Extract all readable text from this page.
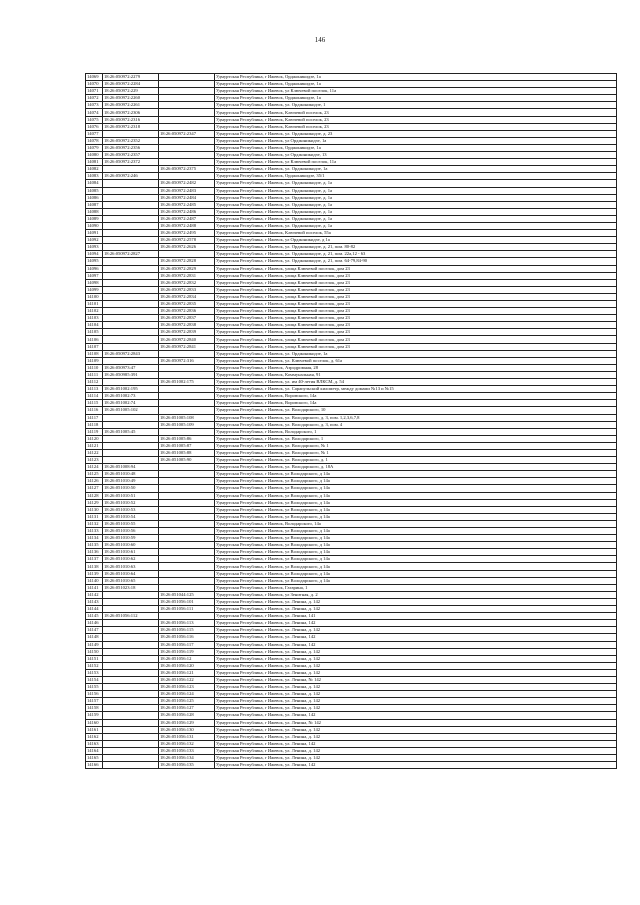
146
14069	18:26:050972:2279		Удмуртская Республика, г Ижевск, Орджоникидзе, 1а
14070	18:26:050972:2284		Удмуртская Республика, г Ижевск, Орджоникидзе, 1а
14071	18:26:050972:229		Удмуртская Республика, г Ижевск, ул Ключевой поселок, 11а
14072	18:26:050972:2260		Удмуртская Республика, г Ижевск, Орджоникидзе, 1а
14073	18:26:050972:2261		Удмуртская Республика, г Ижевск, ул. Орджоникидзе, 1
14074	18:26:050972:2306		Удмуртская Республика, г Ижевск, Ключевой поселок, 23
14075	18:26:050972:2316		Удмуртская Республика, г Ижевск, Ключевой поселок, 23
14076	18:26:050972:2318		Удмуртская Республика, г Ижевск, Ключевой поселок, 23
14077		18:26:050972:2347	Удмуртская Республика, г Ижевск, ул. Орджоникидзе, д. 23
14078	18:26:050972:2352		Удмуртская Республика, г Ижевск, ул Орджоникидзе, 1а
14079	18:26:050972:2356		Удмуртская Республика, г Ижевск, Орджоникидзе, 1а
14080	18:26:050972:2357		Удмуртская Республика, г Ижевск, ул Орджоникидзе, 13
14081	18:26:050972:2372		Удмуртская Республика, г Ижевск, ул Ключевой поселок, 11а
14082		18:26:050972:2375	Удмуртская Республика, г Ижевск, ул. Орджоникидзе, 1а
14083	18:26:050972:246		Удмуртская Республика, г Ижевск, Орджоникидзе, 35/1
14084		18:26:050972:2482	Удмуртская Республика, г Ижевск, ул. Орджоникидзе, д. 1а
14085		18:26:050972:2483	Удмуртская Республика, г Ижевск, ул. Орджоникидзе, д. 1а
14086		18:26:050972:2484	Удмуртская Республика, г Ижевск, ул. Орджоникидзе, д. 1а
14087		18:26:050972:2485	Удмуртская Республика, г Ижевск, ул. Орджоникидзе, д. 1а
14088		18:26:050972:2486	Удмуртская Республика, г Ижевск, ул. Орджоникидзе, д. 1а
14089		18:26:050972:2487	Удмуртская Республика, г Ижевск, ул. Орджоникидзе, д. 1а
14090		18:26:050972:2488	Удмуртская Республика, г Ижевск, ул. Орджоникидзе, д. 1а
14091		18:26:050972:2495	Удмуртская Республика, г Ижевск, Ключевой поселок, 55а
14092		18:26:050972:2578	Удмуртская Республика, г Ижевск, ул Орджоникидзе, д 1а
14093		18:26:050972:2626	Удмуртская Республика, г Ижевск, ул. Орджоникидзе, д. 21, пом. 80-82
14094	18:26:050972:2827		Удмуртская Республика, г Ижевск, ул. Орджоникидзе, д. 21, пом. 22а,12 - 63
14095		18:26:050972:2828	Удмуртская Республика, г Ижевск, ул. Орджоникидзе, д. 21, пом. 64-79,84-90
14096		18:26:050972:2829	Удмуртская Республика, г Ижевск, улица Ключевой поселок, дом 23
14097		18:26:050972:2831	Удмуртская Республика, г Ижевск, улица Ключевой поселок, дом 23
14098		18:26:050972:2832	Удмуртская Республика, г Ижевск, улица Ключевой поселок, дом 23
14099		18:26:050972:2833	Удмуртская Республика, г Ижевск, улица Ключевой поселок, дом 23
14100		18:26:050972:2834	Удмуртская Республика, г Ижевск, улица Ключевой поселок, дом 23
14101		18:26:050972:2835	Удмуртская Республика, г Ижевск, улица Ключевой поселок, дом 23
14102		18:26:050972:2836	Удмуртская Республика, г Ижевск, улица Ключевой поселок, дом 23
14103		18:26:050972:2837	Удмуртская Республика, г Ижевск, улица Ключевой поселок, дом 23
14104		18:26:050972:2838	Удмуртская Республика, г Ижевск, улица Ключевой поселок, дом 23
14105		18:26:050972:2839	Удмуртская Республика, г Ижевск, улица Ключевой поселок, дом 23
14106		18:26:050972:2840	Удмуртская Республика, г Ижевск, улица Ключевой поселок, дом 23
14107		18:26:050972:2841	Удмуртская Республика, г Ижевск, улица Ключевой поселок, дом 23
14108	18:26:050972:2843		Удмуртская Республика, г Ижевск, ул. Орджоникидзе, 1а
14109		18:26:050972:316	Удмуртская Республика, г Ижевск, ул. Ключевой поселок, д. 61а
14110	18:26:050973:47		Удмуртская Республика, г Ижевск, Аэродромная, 28
14111	18:26:050985:391		Удмуртская Республика, г Ижевск, Коммунальная, 91
14112		18:26:051002:175	Удмуртская Республика, г Ижевск, ул. им 40-летия ВЛКСМ, д. 54
14113	18:26:051002:195		Удмуртская Республика, г Ижевск, ул. Сарапульский километр, между домами №13 и №15
14114	18:26:051002:73		Удмуртская Республика, г Ижевск, Воровского, 14а
14115	18:26:051002:74		Удмуртская Республика, г Ижевск, Воровского, 14а
14116	18:26:051005:102		Удмуртская Республика, г Ижевск, ул. Володарского, 10
14117		18:26:051005:108	Удмуртская Республика, г Ижевск, ул. Володарского, д. 3, пом. 1,2,3,6,7,8
14118		18:26:051005:109	Удмуртская Республика, г Ижевск, ул. Володарского, д. 3, пом. 4
14119	18:26:051005:45		Удмуртская Республика, г Ижевск, Володарского, 1
14120		18:26:051005:86	Удмуртская Республика, г Ижевск, ул. Володарского, 1
14121		18:26:051005:87	Удмуртская Республика, г Ижевск, ул. Володарского, № 1
14122		18:26:051005:88	Удмуртская Республика, г Ижевск, ул. Володарского, № 1
14123		18:26:051005:90	Удмуртская Республика, г Ижевск, ул. Володарского, д. 1
14124	18:26:051008:94		Удмуртская Республика, г Ижевск, ул. Володарского, д. 18А
14125	18:26:051010:48		Удмуртская Республика, г Ижевск, ул Володарского, д 14а
14126	18:26:051010:49		Удмуртская Республика, г Ижевск, ул Володарского, д 14а
14127	18:26:051010:50		Удмуртская Республика, г Ижевск, ул Володарского, д 14а
14128	18:26:051010:51		Удмуртская Республика, г Ижевск, ул Володарского, д 14а
14129	18:26:051010:52		Удмуртская Республика, г Ижевск, ул Володарского, д 14а
14130	18:26:051010:53		Удмуртская Республика, г Ижевск, ул Володарского, д 14а
14131	18:26:051010:54		Удмуртская Республика, г Ижевск, ул Володарского, д 14а
14132	18:26:051010:55		Удмуртская Республика, г Ижевск, Володарского, 14а
14133	18:26:051010:56		Удмуртская Республика, г Ижевск, ул Володарского, д 14а
14134	18:26:051010:59		Удмуртская Республика, г Ижевск, ул Володарского, д 14а
14135	18:26:051010:60		Удмуртская Республика, г Ижевск, ул Володарского, д 14а
14136	18:26:051010:61		Удмуртская Республика, г Ижевск, ул Володарского, д 14а
14137	18:26:051010:62		Удмуртская Республика, г Ижевск, ул Володарского, д 14а
14138	18:26:051010:63		Удмуртская Республика, г Ижевск, ул Володарского, д 14а
14139	18:26:051010:64		Удмуртская Республика, г Ижевск, ул Володарского, д 14а
14140	18:26:051010:65		Удмуртская Республика, г Ижевск, ул Володарского, д 14а
14141	18:26:051023:18		Удмуртская Республика, г Ижевск, Гагарина, 1
14142		18:26:051044:125	Удмуртская Республика, г Ижевск, ул Зенитная, д. 2
14143		18:26:051056:101	Удмуртская Республика, г Ижевск, ул. Ленина, д. 142
14144		18:26:051056:111	Удмуртская Республика, г Ижевск, ул. Ленина, д. 142
14145	18:26:051056:112		Удмуртская Республика, г Ижевск, ул. Ленина, 141
14146		18:26:051056:113	Удмуртская Республика, г Ижевск, ул. Ленина, 142
14147		18:26:051056:115	Удмуртская Республика, г Ижевск, ул. Ленина, д. 142
14148		18:26:051056:116	Удмуртская Республика, г Ижевск, ул. Ленина, 142
14149		18:26:051056:117	Удмуртская Республика, г Ижевск, ул. Ленина, 142
14150		18:26:051056:119	Удмуртская Республика, г Ижевск, ул. Ленина, д. 142
14151		18:26:051056:12	Удмуртская Республика, г Ижевск, ул. Ленина, д. 142
14152		18:26:051056:120	Удмуртская Республика, г Ижевск, ул. Ленина, д. 142
14153		18:26:051056:121	Удмуртская Республика, г Ижевск, ул. Ленина, д. 142
14154		18:26:051056:122	Удмуртская Республика, г Ижевск, ул. Ленина, № 142
14155		18:26:051056:123	Удмуртская Республика, г Ижевск, ул. Ленина, д. 142
14156		18:26:051056:124	Удмуртская Республика, г Ижевск, ул. Ленина, д. 142
14157		18:26:051056:125	Удмуртская Республика, г Ижевск, ул. Ленина, д. 142
14158		18:26:051056:127	Удмуртская Республика, г Ижевск, ул. Ленина, д. 142
14159		18:26:051056:128	Удмуртская Республика, г Ижевск, ул. Ленина, 142
14160		18:26:051056:129	Удмуртская Республика, г Ижевск, ул. Ленина, № 142
14161		18:26:051056:130	Удмуртская Республика, г Ижевск, ул. Ленина, д. 142
14162		18:26:051056:131	Удмуртская Республика, г Ижевск, ул. Ленина, д. 142
14163		18:26:051056:132	Удмуртская Республика, г Ижевск, ул. Ленина, 142
14164		18:26:051056:133	Удмуртская Республика, г Ижевск, ул. Ленина, д. 142
14165		18:26:051056:134	Удмуртская Республика, г Ижевск, ул. Ленина, д. 142
14166		18:26:051056:135	Удмуртская Республика, г Ижевск, ул. Ленина, 142
